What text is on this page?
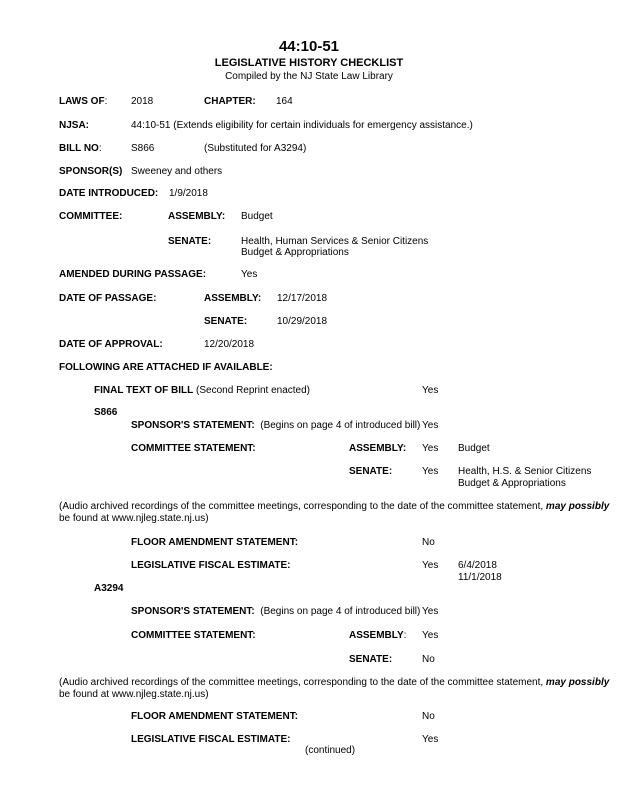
44:10-51
LEGISLATIVE HISTORY CHECKLIST
Compiled by the NJ State Law Library
LAWS OF: 2018	CHAPTER: 164
NJSA:	44:10-51 (Extends eligibility for certain individuals for emergency assistance.)
BILL NO:	S866	(Substituted for A3294)
SPONSOR(S) Sweeney and others
DATE INTRODUCED: 1/9/2018
COMMITTEE:	ASSEMBLY: Budget
SENATE:	Health, Human Services & Senior Citizens
Budget & Appropriations
AMENDED DURING PASSAGE:	Yes
DATE OF PASSAGE:	ASSEMBLY: 12/17/2018
SENATE:	10/29/2018
DATE OF APPROVAL:	12/20/2018
FOLLOWING ARE ATTACHED IF AVAILABLE:
FINAL TEXT OF BILL (Second Reprint enacted)	Yes
S866
SPONSOR'S STATEMENT: (Begins on page 4 of introduced bill) Yes
COMMITTEE STATEMENT:	ASSEMBLY: Yes Budget
SENATE:	Yes Health, H.S. & Senior Citizens
Budget & Appropriations
(Audio archived recordings of the committee meetings, corresponding to the date of the committee statement, may possibly
be found at www.njleg.state.nj.us)
FLOOR AMENDMENT STATEMENT:	No
LEGISLATIVE FISCAL ESTIMATE:	Yes 6/4/2018
11/1/2018
A3294
SPONSOR'S STATEMENT: (Begins on page 4 of introduced bill) Yes
COMMITTEE STATEMENT:	ASSEMBLY: Yes
SENATE:	No
(Audio archived recordings of the committee meetings, corresponding to the date of the committee statement, may possibly
be found at www.njleg.state.nj.us)
FLOOR AMENDMENT STATEMENT:	No
LEGISLATIVE FISCAL ESTIMATE:	Yes
(continued)
